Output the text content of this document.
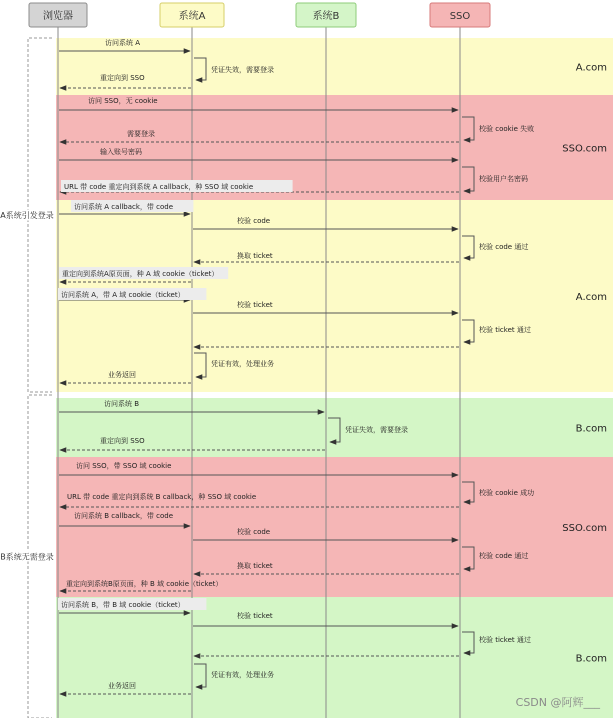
A.com
SSO.com
A.com
B.com
SSO.com
B.com
A系统引发登录
B系统无需登录
浏览器	系统A	系统B	SSO
访问系统 A
重定向到 SSO
访问 SSO，无 cookie
需要登录
输入账号密码
URL 带 code 重定向到系统 A callback，种 SSO 域 cookie
访问系统 A callback，带 code
校验 code
换取 ticket
重定向到系统A原页面，种 A 域 cookie（ticket）
访问系统 A，带 A 域 cookie（ticket）
校验 ticket
业务返回
访问系统 B
重定向到 SSO
访问 SSO，带 SSO 域 cookie
URL 带 code 重定向到系统 B callback，种 SSO 域 cookie
访问系统 B callback，带 code
校验 code
换取 ticket
重定向到系统B原页面，种 B 域 cookie（ticket）
访问系统 B，带 B 域 cookie（ticket）
校验 ticket
业务返回
凭证失效，需要登录
校验 cookie 失败
校验用户名密码
校验 code 通过
校验 ticket 通过
凭证有效，处理业务
凭证失效，需要登录
校验 cookie 成功
校验 code 通过
校验 ticket 通过
凭证有效，处理业务
CSDN @阿辉___
